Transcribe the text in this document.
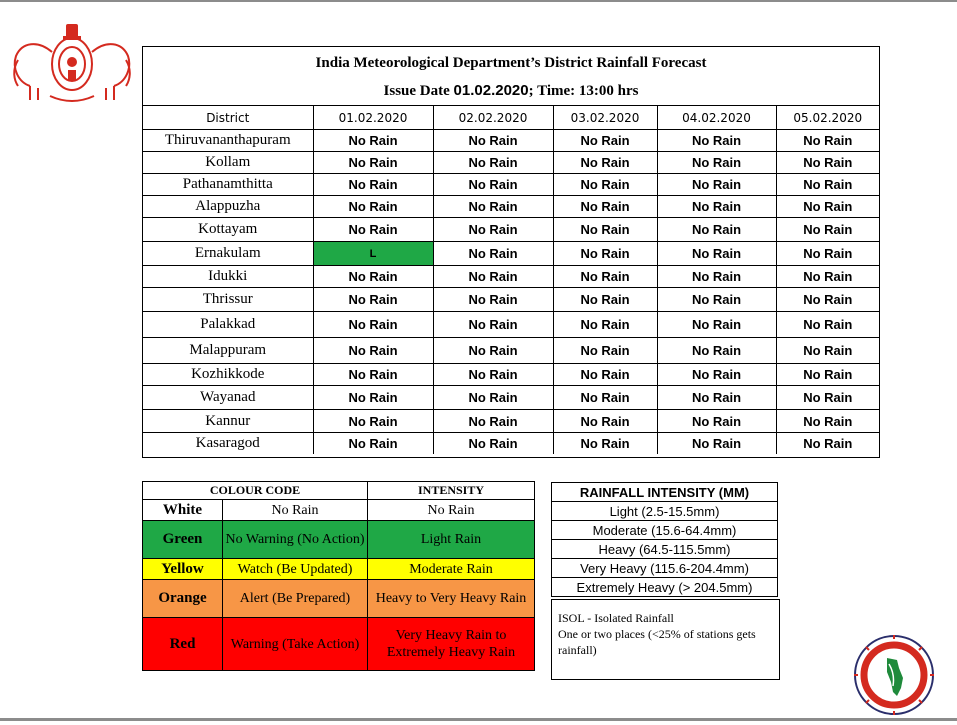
India Meteorological Department’s District Rainfall Forecast
Issue Date 01.02.2020; Time: 13:00 hrs
District	01.02.2020	02.02.2020	03.02.2020	04.02.2020	05.02.2020
Thiruvananthapuram	No Rain	No Rain	No Rain	No Rain	No Rain
Kollam	No Rain	No Rain	No Rain	No Rain	No Rain
Pathanamthitta	No Rain	No Rain	No Rain	No Rain	No Rain
Alappuzha	No Rain	No Rain	No Rain	No Rain	No Rain
Kottayam	No Rain	No Rain	No Rain	No Rain	No Rain
Ernakulam	L	No Rain	No Rain	No Rain	No Rain
Idukki	No Rain	No Rain	No Rain	No Rain	No Rain
Thrissur	No Rain	No Rain	No Rain	No Rain	No Rain
Palakkad	No Rain	No Rain	No Rain	No Rain	No Rain
Malappuram	No Rain	No Rain	No Rain	No Rain	No Rain
Kozhikkode	No Rain	No Rain	No Rain	No Rain	No Rain
Wayanad	No Rain	No Rain	No Rain	No Rain	No Rain
Kannur	No Rain	No Rain	No Rain	No Rain	No Rain
Kasaragod	No Rain	No Rain	No Rain	No Rain	No Rain
COLOUR CODE		INTENSITY
White	No Rain	No Rain
Green	No Warning (No Action)	Light Rain
Yellow	Watch (Be Updated)	Moderate Rain
Orange	Alert (Be Prepared)	Heavy to Very Heavy Rain
Red	Warning (Take Action)	Very Heavy Rain to Extremely Heavy Rain
RAINFALL INTENSITY (MM)
Light (2.5-15.5mm)
Moderate (15.6-64.4mm)
Heavy (64.5-115.5mm)
Very Heavy (115.6-204.4mm)
Extremely Heavy (> 204.5mm)
ISOL - Isolated Rainfall
One or two places (<25% of stations gets rainfall)
